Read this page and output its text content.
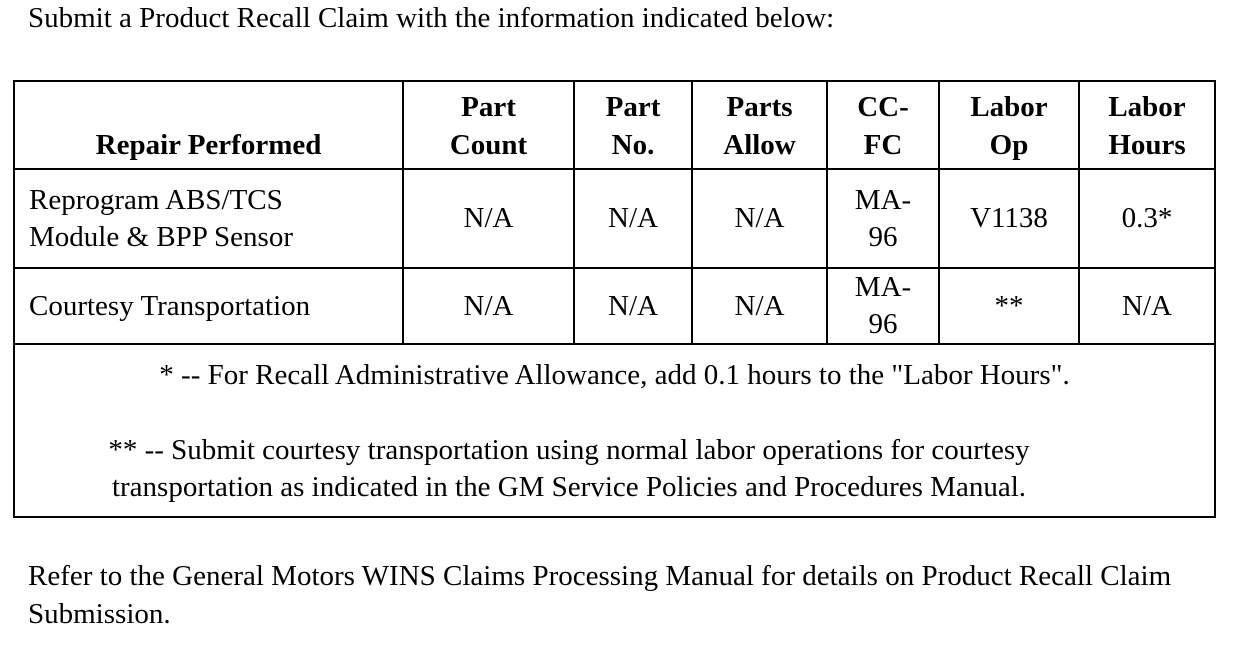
Submit a Product Recall Claim with the information indicated below:
Repair Performed	Part Count	Part No.	Parts Allow	CC-FC	Labor Op	Labor Hours
Reprogram ABS/TCS Module & BPP Sensor	N/A	N/A	N/A	MA-96	V1138	0.3*
Courtesy Transportation	N/A	N/A	N/A	MA-96	**	N/A

* -- For Recall Administrative Allowance, add 0.1 hours to the "Labor Hours".
** -- Submit courtesy transportation using normal labor operations for courtesy transportation as indicated in the GM Service Policies and Procedures Manual.						
Refer to the General Motors WINS Claims Processing Manual for details on Product Recall Claim Submission.
